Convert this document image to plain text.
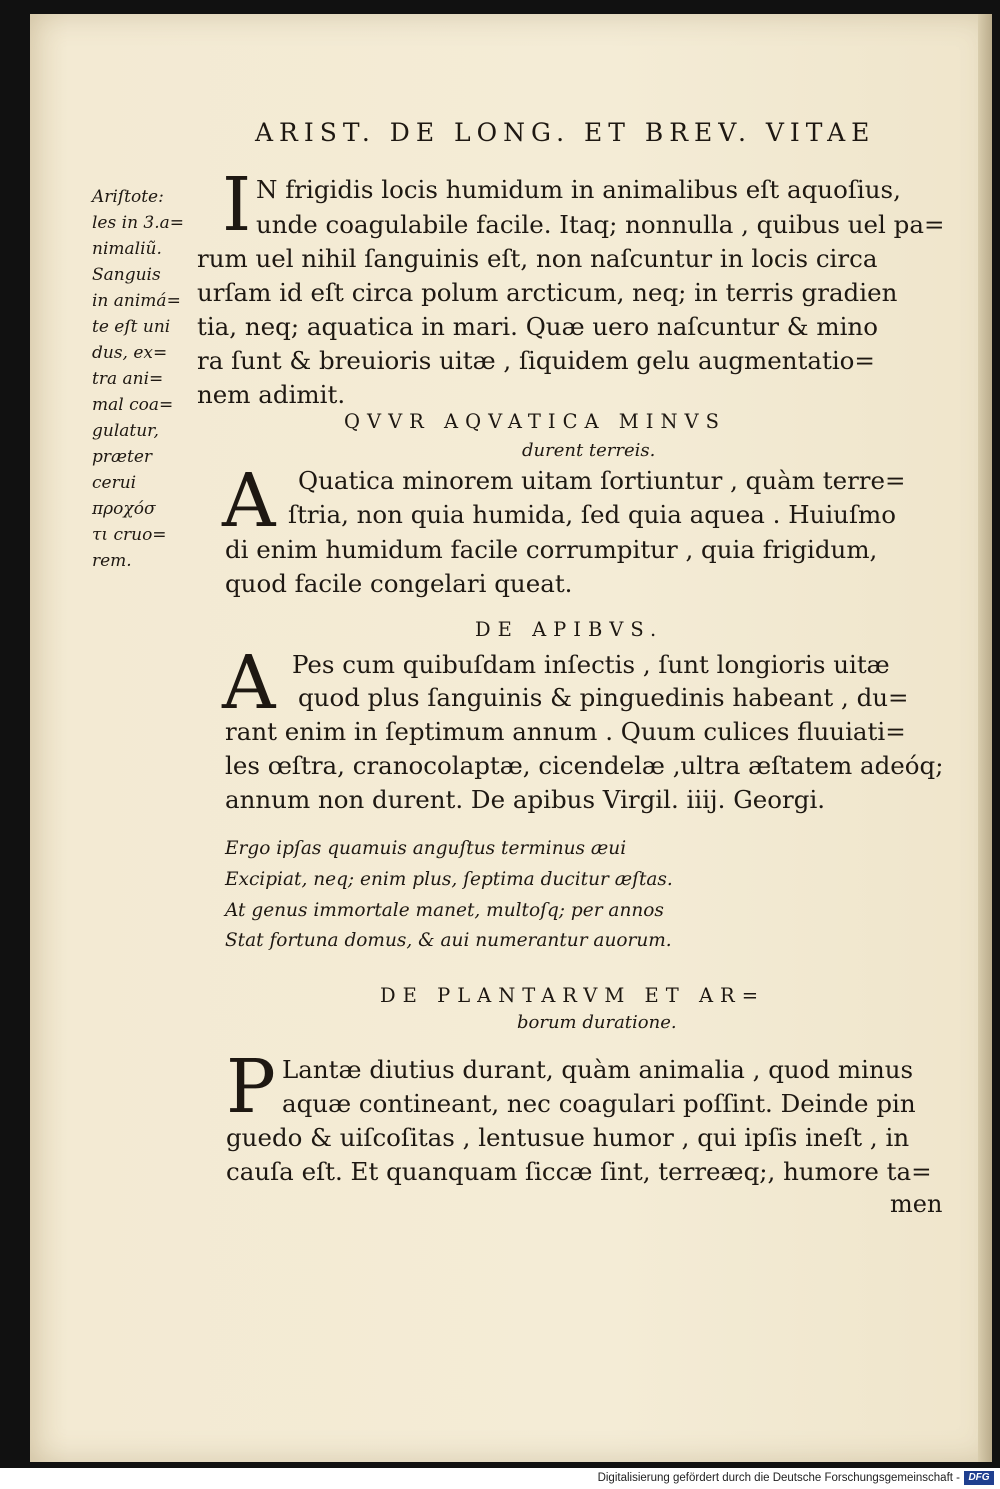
ARIST. DE LONG. ET BREV. VITAE
Ariſtote:
les in 3.a=
nimaliũ.
Sanguis
in animá=
te eſt uni
dus, ex=
tra ani=
mal coa=
gulatur,
præter
cerui
προχόσ
τι cruo=
rem.
I N frigidis locis humidum in animalibus eſt aquoſius,
unde coagulabile facile. Itaq; nonnulla , quibus uel pa=
rum uel nihil ſanguinis eſt, non naſcuntur in locis circa
urſam id eſt circa polum arcticum, neq; in terris gradien
tia, neq; aquatica in mari. Quæ uero naſcuntur & mino
ra ſunt & breuioris uitæ , ſiquidem gelu augmentatio=
nem adimit.
QVVR AQVATICA MINVS
durent terreis.
A Quatica minorem uitam ſortiuntur , quàm terre=
ſtria, non quia humida, ſed quia aquea . Huiuſmo
di enim humidum facile corrumpitur , quia frigidum,
quod facile congelari queat.
DE APIBVS.
A Pes cum quibuſdam inſectis , ſunt longioris uitæ
quod plus ſanguinis & pinguedinis habeant , du=
rant enim in ſeptimum annum . Quum culices fluuiati=
les œſtra, cranocolaptæ, cicendelæ ,ultra æſtatem adeóq;
annum non durent. De apibus Virgil. iiij. Georgi.
Ergo ipſas quamuis anguſtus terminus æui
Excipiat, neq; enim plus, ſeptima ducitur æſtas.
At genus immortale manet, multoſq; per annos
Stat fortuna domus, & aui numerantur auorum.
DE PLANTARVM ET AR=
borum duratione.
P Lantæ diutius durant, quàm animalia , quod minus
aquæ contineant, nec coagulari poſſint. Deinde pin
guedo & uiſcoſitas , lentusue humor , qui ipſis ineſt , in
cauſa eſt. Et quanquam ſiccæ ſint, terreæq;, humore ta=
men
Digitalisierung gefördert durch die Deutsche Forschungsgemeinschaft - DFG
